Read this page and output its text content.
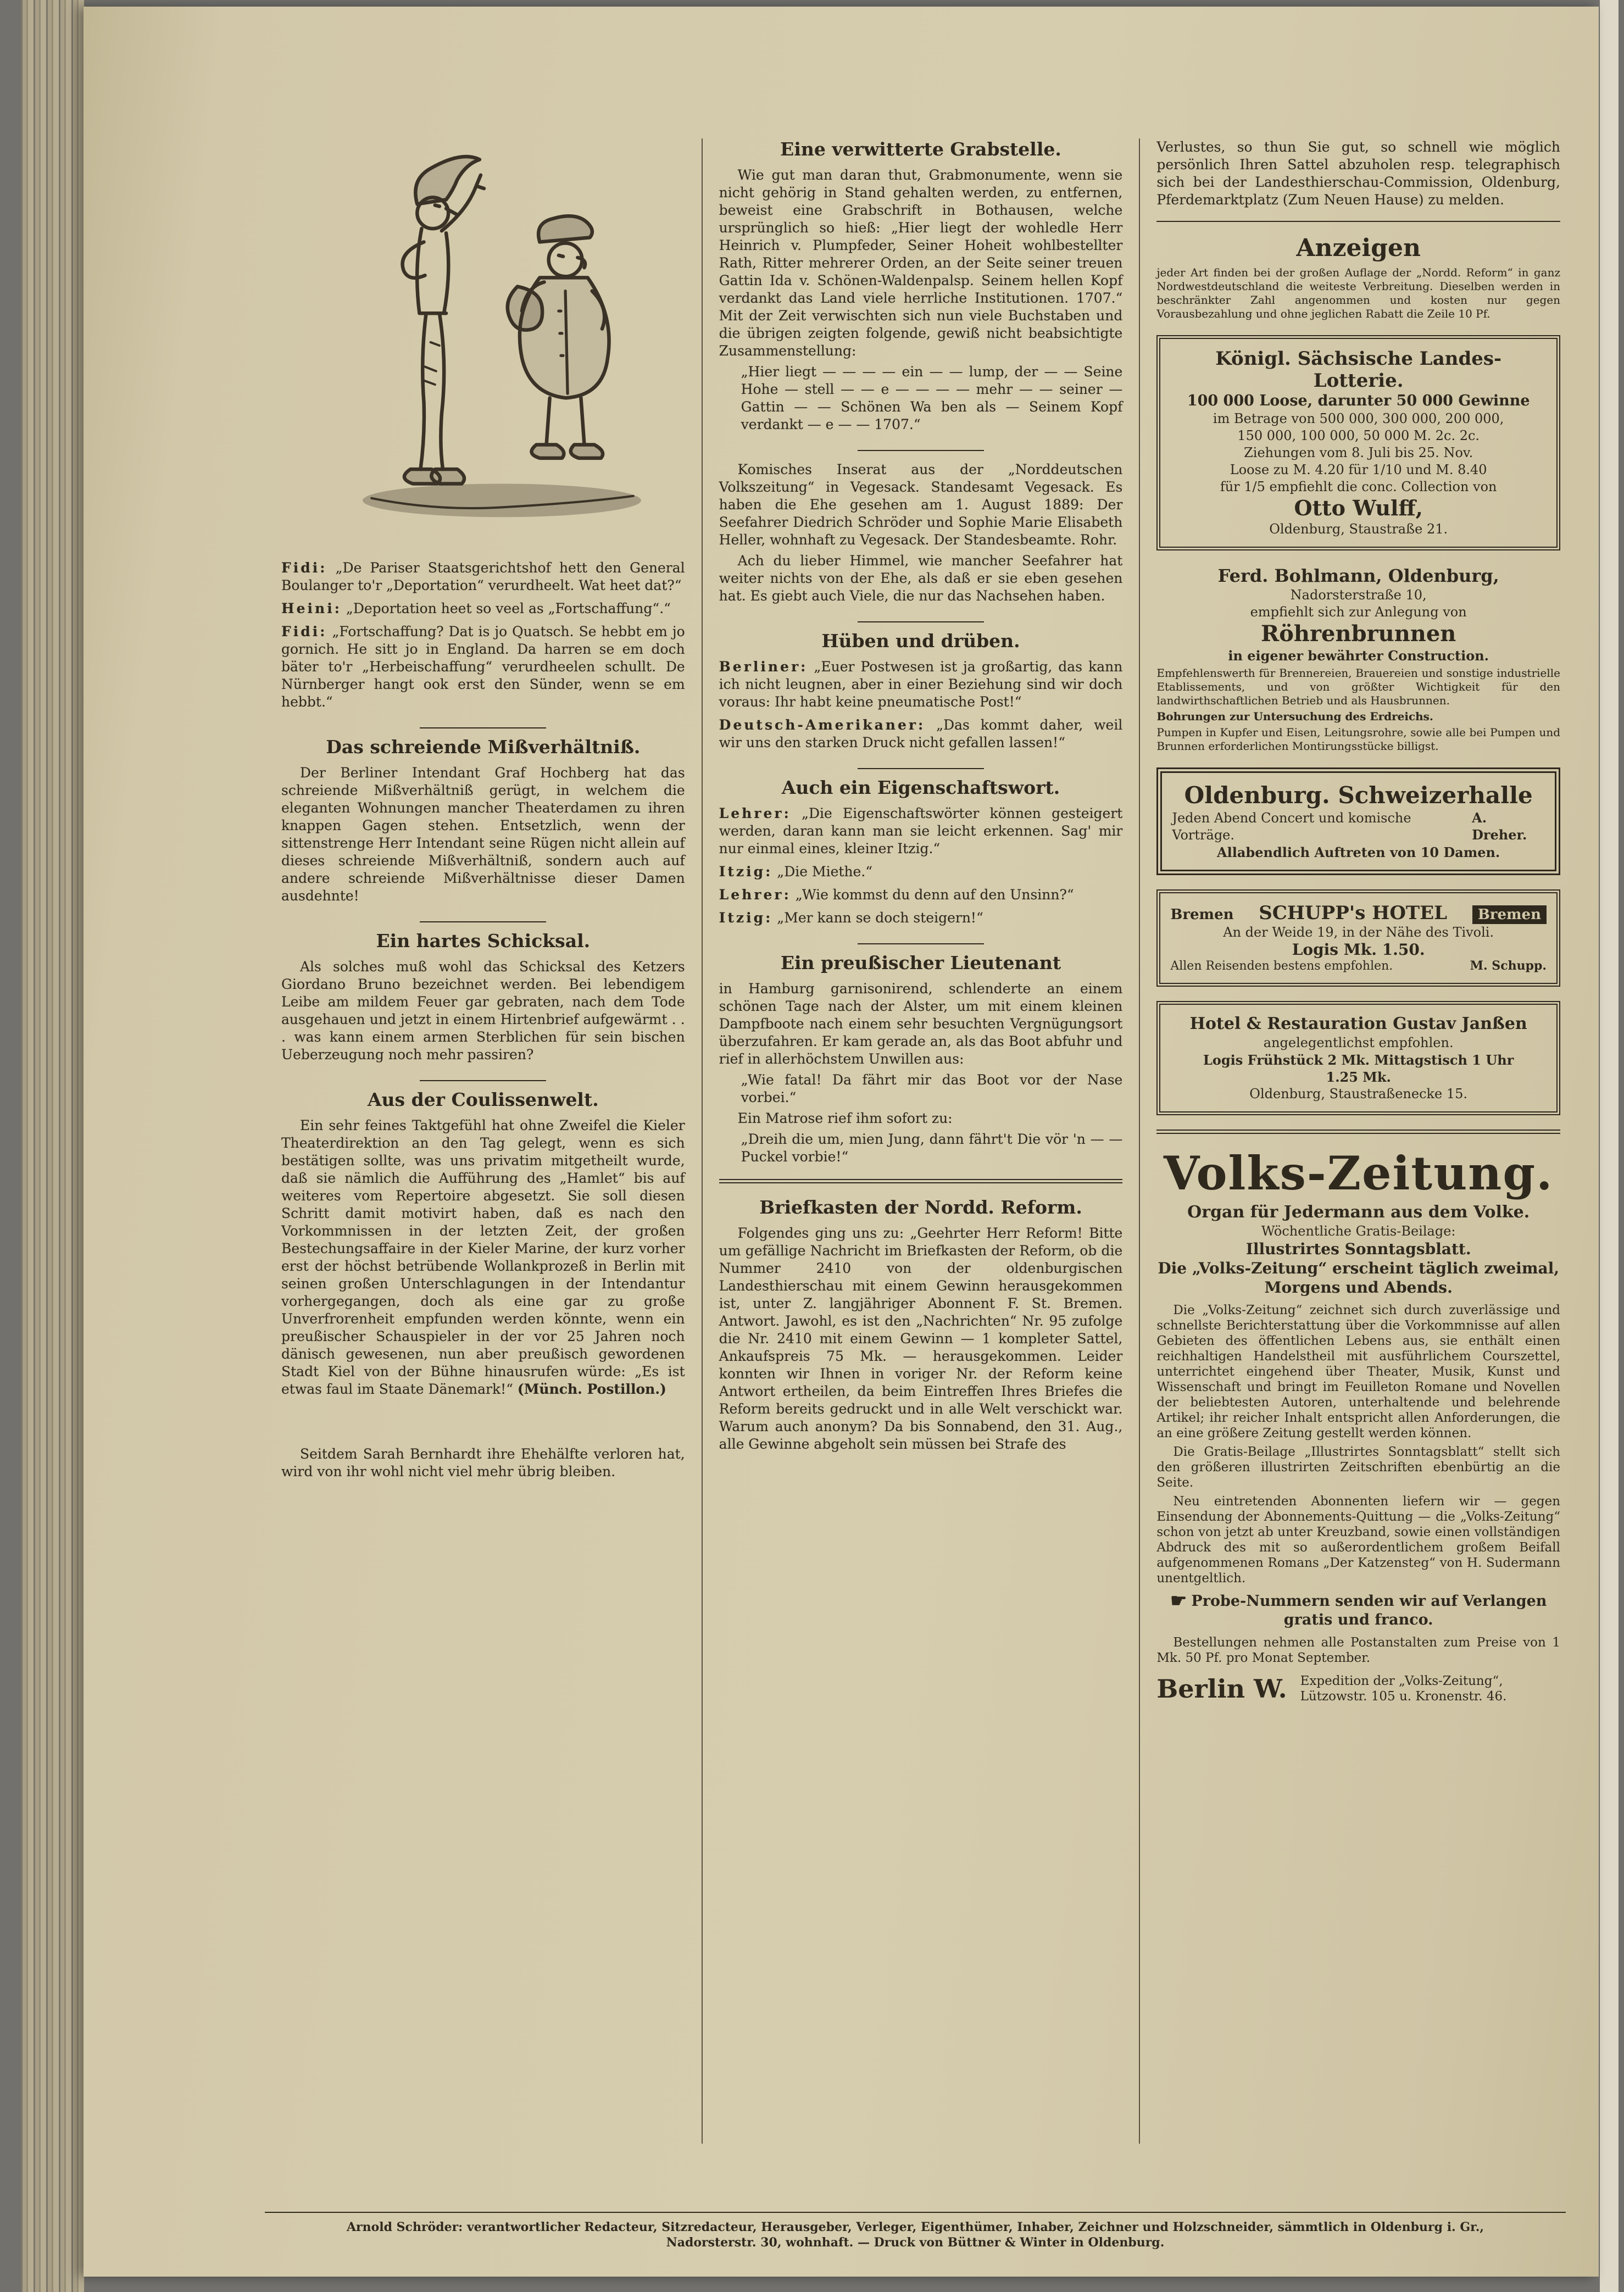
Fidi: „De Pariser Staatsgerichtshof hett den General Boulanger to'r „Deportation“ verurdheelt. Wat heet dat?“

Heini: „Deportation heet so veel as „Fortschaffung“.“

Fidi: „Fortschaffung? Dat is jo Quatsch. Se hebbt em jo gornich. He sitt jo in England. Da harren se em doch bäter to'r „Herbeischaffung“ verurdheelen schullt. De Nürnberger hangt ook erst den Sünder, wenn se em hebbt.“

Das schreiende Mißverhältniß.

Der Berliner Intendant Graf Hochberg hat das schreiende Mißverhältniß gerügt, in welchem die eleganten Wohnungen mancher Theaterdamen zu ihren knappen Gagen stehen. Entsetzlich, wenn der sittenstrenge Herr Intendant seine Rügen nicht allein auf dieses schreiende Mißverhältniß, sondern auch auf andere schreiende Mißverhältnisse dieser Damen ausdehnte!

Ein hartes Schicksal.

Als solches muß wohl das Schicksal des Ketzers Giordano Bruno bezeichnet werden. Bei lebendigem Leibe am mildem Feuer gar gebraten, nach dem Tode ausgehauen und jetzt in einem Hirtenbrief aufgewärmt . . . was kann einem armen Sterblichen für sein bischen Ueberzeugung noch mehr passiren?

Aus der Coulissenwelt.

Ein sehr feines Taktgefühl hat ohne Zweifel die Kieler Theaterdirektion an den Tag gelegt, wenn es sich bestätigen sollte, was uns privatim mitgetheilt wurde, daß sie nämlich die Aufführung des „Hamlet“ bis auf weiteres vom Repertoire abgesetzt. Sie soll diesen Schritt damit motivirt haben, daß es nach den Vorkommnissen in der letzten Zeit, der großen Bestechungsaffaire in der Kieler Marine, der kurz vorher erst der höchst betrübende Wollankprozeß in Berlin mit seinen großen Unterschlagungen in der Intendantur vorhergegangen, doch als eine gar zu große Unverfrorenheit empfunden werden könnte, wenn ein preußischer Schauspieler in der vor 25 Jahren noch dänisch gewesenen, nun aber preußisch gewordenen Stadt Kiel von der Bühne hinausrufen würde: „Es ist etwas faul im Staate Dänemark!“ (Münch. Postillon.)

Seitdem Sarah Bernhardt ihre Ehehälfte verloren hat, wird von ihr wohl nicht viel mehr übrig bleiben.

Eine verwitterte Grabstelle.

Wie gut man daran thut, Grabmonumente, wenn sie nicht gehörig in Stand gehalten werden, zu entfernen, beweist eine Grabschrift in Bothausen, welche ursprünglich so hieß: „Hier liegt der wohledle Herr Heinrich v. Plumpfeder, Seiner Hoheit wohlbestellter Rath, Ritter mehrerer Orden, an der Seite seiner treuen Gattin Ida v. Schönen-Waldenpalsp. Seinem hellen Kopf verdankt das Land viele herrliche Institutionen. 1707.“ Mit der Zeit verwischten sich nun viele Buchstaben und die übrigen zeigten folgende, gewiß nicht beabsichtigte Zusammenstellung:

„Hier liegt — — — — ein — — lump, der — — Seine Hohe — stell — — e — — — — mehr — — seiner — Gattin — — Schönen Wa ben als — Seinem Kopf verdankt — e — — 1707.“

Komisches Inserat aus der „Norddeutschen Volkszeitung“ in Vegesack. Standesamt Vegesack. Es haben die Ehe gesehen am 1. August 1889: Der Seefahrer Diedrich Schröder und Sophie Marie Elisabeth Heller, wohnhaft zu Vegesack. Der Standesbeamte. Rohr.

Ach du lieber Himmel, wie mancher Seefahrer hat weiter nichts von der Ehe, als daß er sie eben gesehen hat. Es giebt auch Viele, die nur das Nachsehen haben.

Hüben und drüben.

Berliner: „Euer Postwesen ist ja großartig, das kann ich nicht leugnen, aber in einer Beziehung sind wir doch voraus: Ihr habt keine pneumatische Post!“

Deutsch-Amerikaner: „Das kommt daher, weil wir uns den starken Druck nicht gefallen lassen!“

Auch ein Eigenschaftswort.

Lehrer: „Die Eigenschaftswörter können gesteigert werden, daran kann man sie leicht erkennen. Sag' mir nur einmal eines, kleiner Itzig.“

Itzig: „Die Miethe.“

Lehrer: „Wie kommst du denn auf den Unsinn?“

Itzig: „Mer kann se doch steigern!“

Ein preußischer Lieutenant

in Hamburg garnisonirend, schlenderte an einem schönen Tage nach der Alster, um mit einem kleinen Dampfboote nach einem sehr besuchten Vergnügungsort überzufahren. Er kam gerade an, als das Boot abfuhr und rief in allerhöchstem Unwillen aus:

„Wie fatal! Da fährt mir das Boot vor der Nase vorbei.“

Ein Matrose rief ihm sofort zu:

„Dreih die um, mien Jung, dann fährt't Die vör 'n — — Puckel vorbie!“

Briefkasten der Nordd. Reform.

Folgendes ging uns zu: „Geehrter Herr Reform! Bitte um gefällige Nachricht im Briefkasten der Reform, ob die Nummer 2410 von der oldenburgischen Landesthierschau mit einem Gewinn herausgekommen ist, unter Z. langjähriger Abonnent F. St. Bremen. Antwort. Jawohl, es ist den „Nachrichten“ Nr. 95 zufolge die Nr. 2410 mit einem Gewinn — 1 kompleter Sattel, Ankaufspreis 75 Mk. — herausgekommen. Leider konnten wir Ihnen in voriger Nr. der Reform keine Antwort ertheilen, da beim Eintreffen Ihres Briefes die Reform bereits gedruckt und in alle Welt verschickt war. Warum auch anonym? Da bis Sonnabend, den 31. Aug., alle Gewinne abgeholt sein müssen bei Strafe des

Verlustes, so thun Sie gut, so schnell wie möglich persönlich Ihren Sattel abzuholen resp. telegraphisch sich bei der Landesthierschau-Commission, Oldenburg, Pferdemarktplatz (Zum Neuen Hause) zu melden.

Anzeigen

jeder Art finden bei der großen Auflage der „Nordd. Reform“ in ganz Nordwestdeutschland die weiteste Verbreitung. Dieselben werden in beschränkter Zahl angenommen und kosten nur gegen Vorausbezahlung und ohne jeglichen Rabatt die Zeile 10 Pf.

Königl. Sächsische Landes-Lotterie.
100 000 Loose, darunter 50 000 Gewinne
im Betrage von 500 000, 300 000, 200 000,
150 000, 100 000, 50 000 M. 2c. 2c.
Ziehungen vom 8. Juli bis 25. Nov.
Loose zu M. 4.20 für 1/10 und M. 8.40
für 1/5 empfiehlt die conc. Collection von
Otto Wulff,
Oldenburg, Staustraße 21.
Ferd. Bohlmann, Oldenburg,
Nadorsterstraße 10,
empfiehlt sich zur Anlegung von
Röhrenbrunnen
in eigener bewährter Construction.

Empfehlenswerth für Brennereien, Brauereien und sonstige industrielle Etablissements, und von größter Wichtigkeit für den landwirthschaftlichen Betrieb und als Hausbrunnen.

Bohrungen zur Untersuchung des Erdreichs.

Pumpen in Kupfer und Eisen, Leitungsrohre, sowie alle bei Pumpen und Brunnen erforderlichen Montirungsstücke billigst.

Oldenburg. Schweizerhalle
Jeden Abend Concert und komische Vorträge.
A. Dreher.
Allabendlich Auftreten von 10 Damen.
Bremen SCHUPP's HOTEL	Bremen
An der Weide 19, in der Nähe des Tivoli.
Logis Mk. 1.50.
Allen Reisenden bestens empfohlen.	M. Schupp.
Hotel & Restauration Gustav Janßen
angelegentlichst empfohlen.
Logis Frühstück 2 Mk. Mittagstisch 1 Uhr
1.25 Mk.
Oldenburg, Staustraßenecke 15.
Volks-Zeitung.
Organ für Jedermann aus dem Volke.
Wöchentliche Gratis-Beilage:
Illustrirtes Sonntagsblatt.
Die „Volks-Zeitung“ erscheint täglich zweimal, Morgens und Abends.

Die „Volks-Zeitung“ zeichnet sich durch zuverlässige und schnellste Berichterstattung über die Vorkommnisse auf allen Gebieten des öffentlichen Lebens aus, sie enthält einen reichhaltigen Handelstheil mit ausführlichem Courszettel, unterrichtet eingehend über Theater, Musik, Kunst und Wissenschaft und bringt im Feuilleton Romane und Novellen der beliebtesten Autoren, unterhaltende und belehrende Artikel; ihr reicher Inhalt entspricht allen Anforderungen, die an eine größere Zeitung gestellt werden können.

Die Gratis-Beilage „Illustrirtes Sonntagsblatt“ stellt sich den größeren illustrirten Zeitschriften ebenbürtig an die Seite.

Neu eintretenden Abonnenten liefern wir — gegen Einsendung der Abonnements-Quittung — die „Volks-Zeitung“ schon von jetzt ab unter Kreuzband, sowie einen vollständigen Abdruck des mit so außerordentlichem großem Beifall aufgenommenen Romans „Der Katzensteg“ von H. Sudermann unentgeltlich.

☛ Probe-Nummern senden wir auf Verlangen gratis und franco.

Bestellungen nehmen alle Postanstalten zum Preise von 1 Mk. 50 Pf. pro Monat September.

Berlin W. Expedition der „Volks-Zeitung“,
Lützowstr. 105 u. Kronenstr. 46.
Arnold Schröder: verantwortlicher Redacteur, Sitzredacteur, Herausgeber, Verleger, Eigenthümer, Inhaber, Zeichner und Holzschneider, sämmtlich in Oldenburg i. Gr.,
Nadorsterstr. 30, wohnhaft. — Druck von Büttner & Winter in Oldenburg.
